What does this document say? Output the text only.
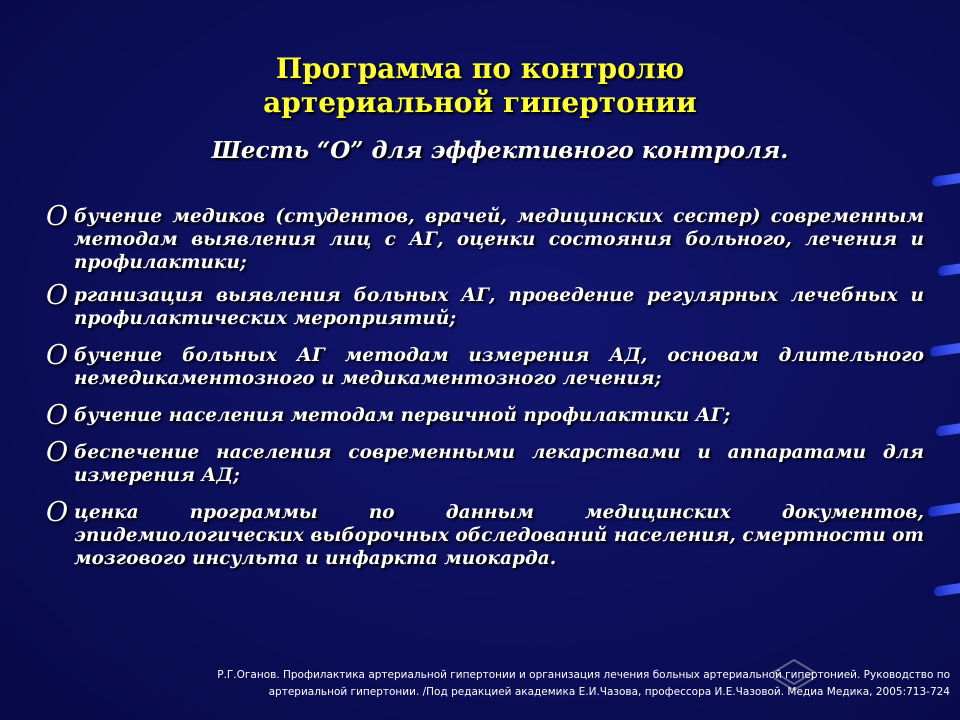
Программа по контролю
артериальной гипертонии
Шесть “О” для эффективного контроля.
О бучение медиков (студентов, врачей, медицинских сестер) современным методам выявления лиц с АГ, оценки состояния больного, лечения и профилактики;
О рганизация выявления больных АГ, проведение регулярных лечебных и профилактических мероприятий;
О бучение больных АГ методам измерения АД, основам длительного немедикаментозного и медикаментозного лечения;
О бучение населения методам первичной профилактики АГ;
О беспечение населения современными лекарствами и аппаратами для измерения АД;
О ценка программы по данным медицинских документов, эпидемиологических выборочных обследований населения, смертности от мозгового инсульта и инфаркта миокарда.
Р.Г.Оганов. Профилактика артериальной гипертонии и организация лечения больных артериальной гипертонией. Руководство по
артериальной гипертонии. /Под редакцией академика Е.И.Чазова, профессора И.Е.Чазовой. Медиа Медика, 2005:713-724
